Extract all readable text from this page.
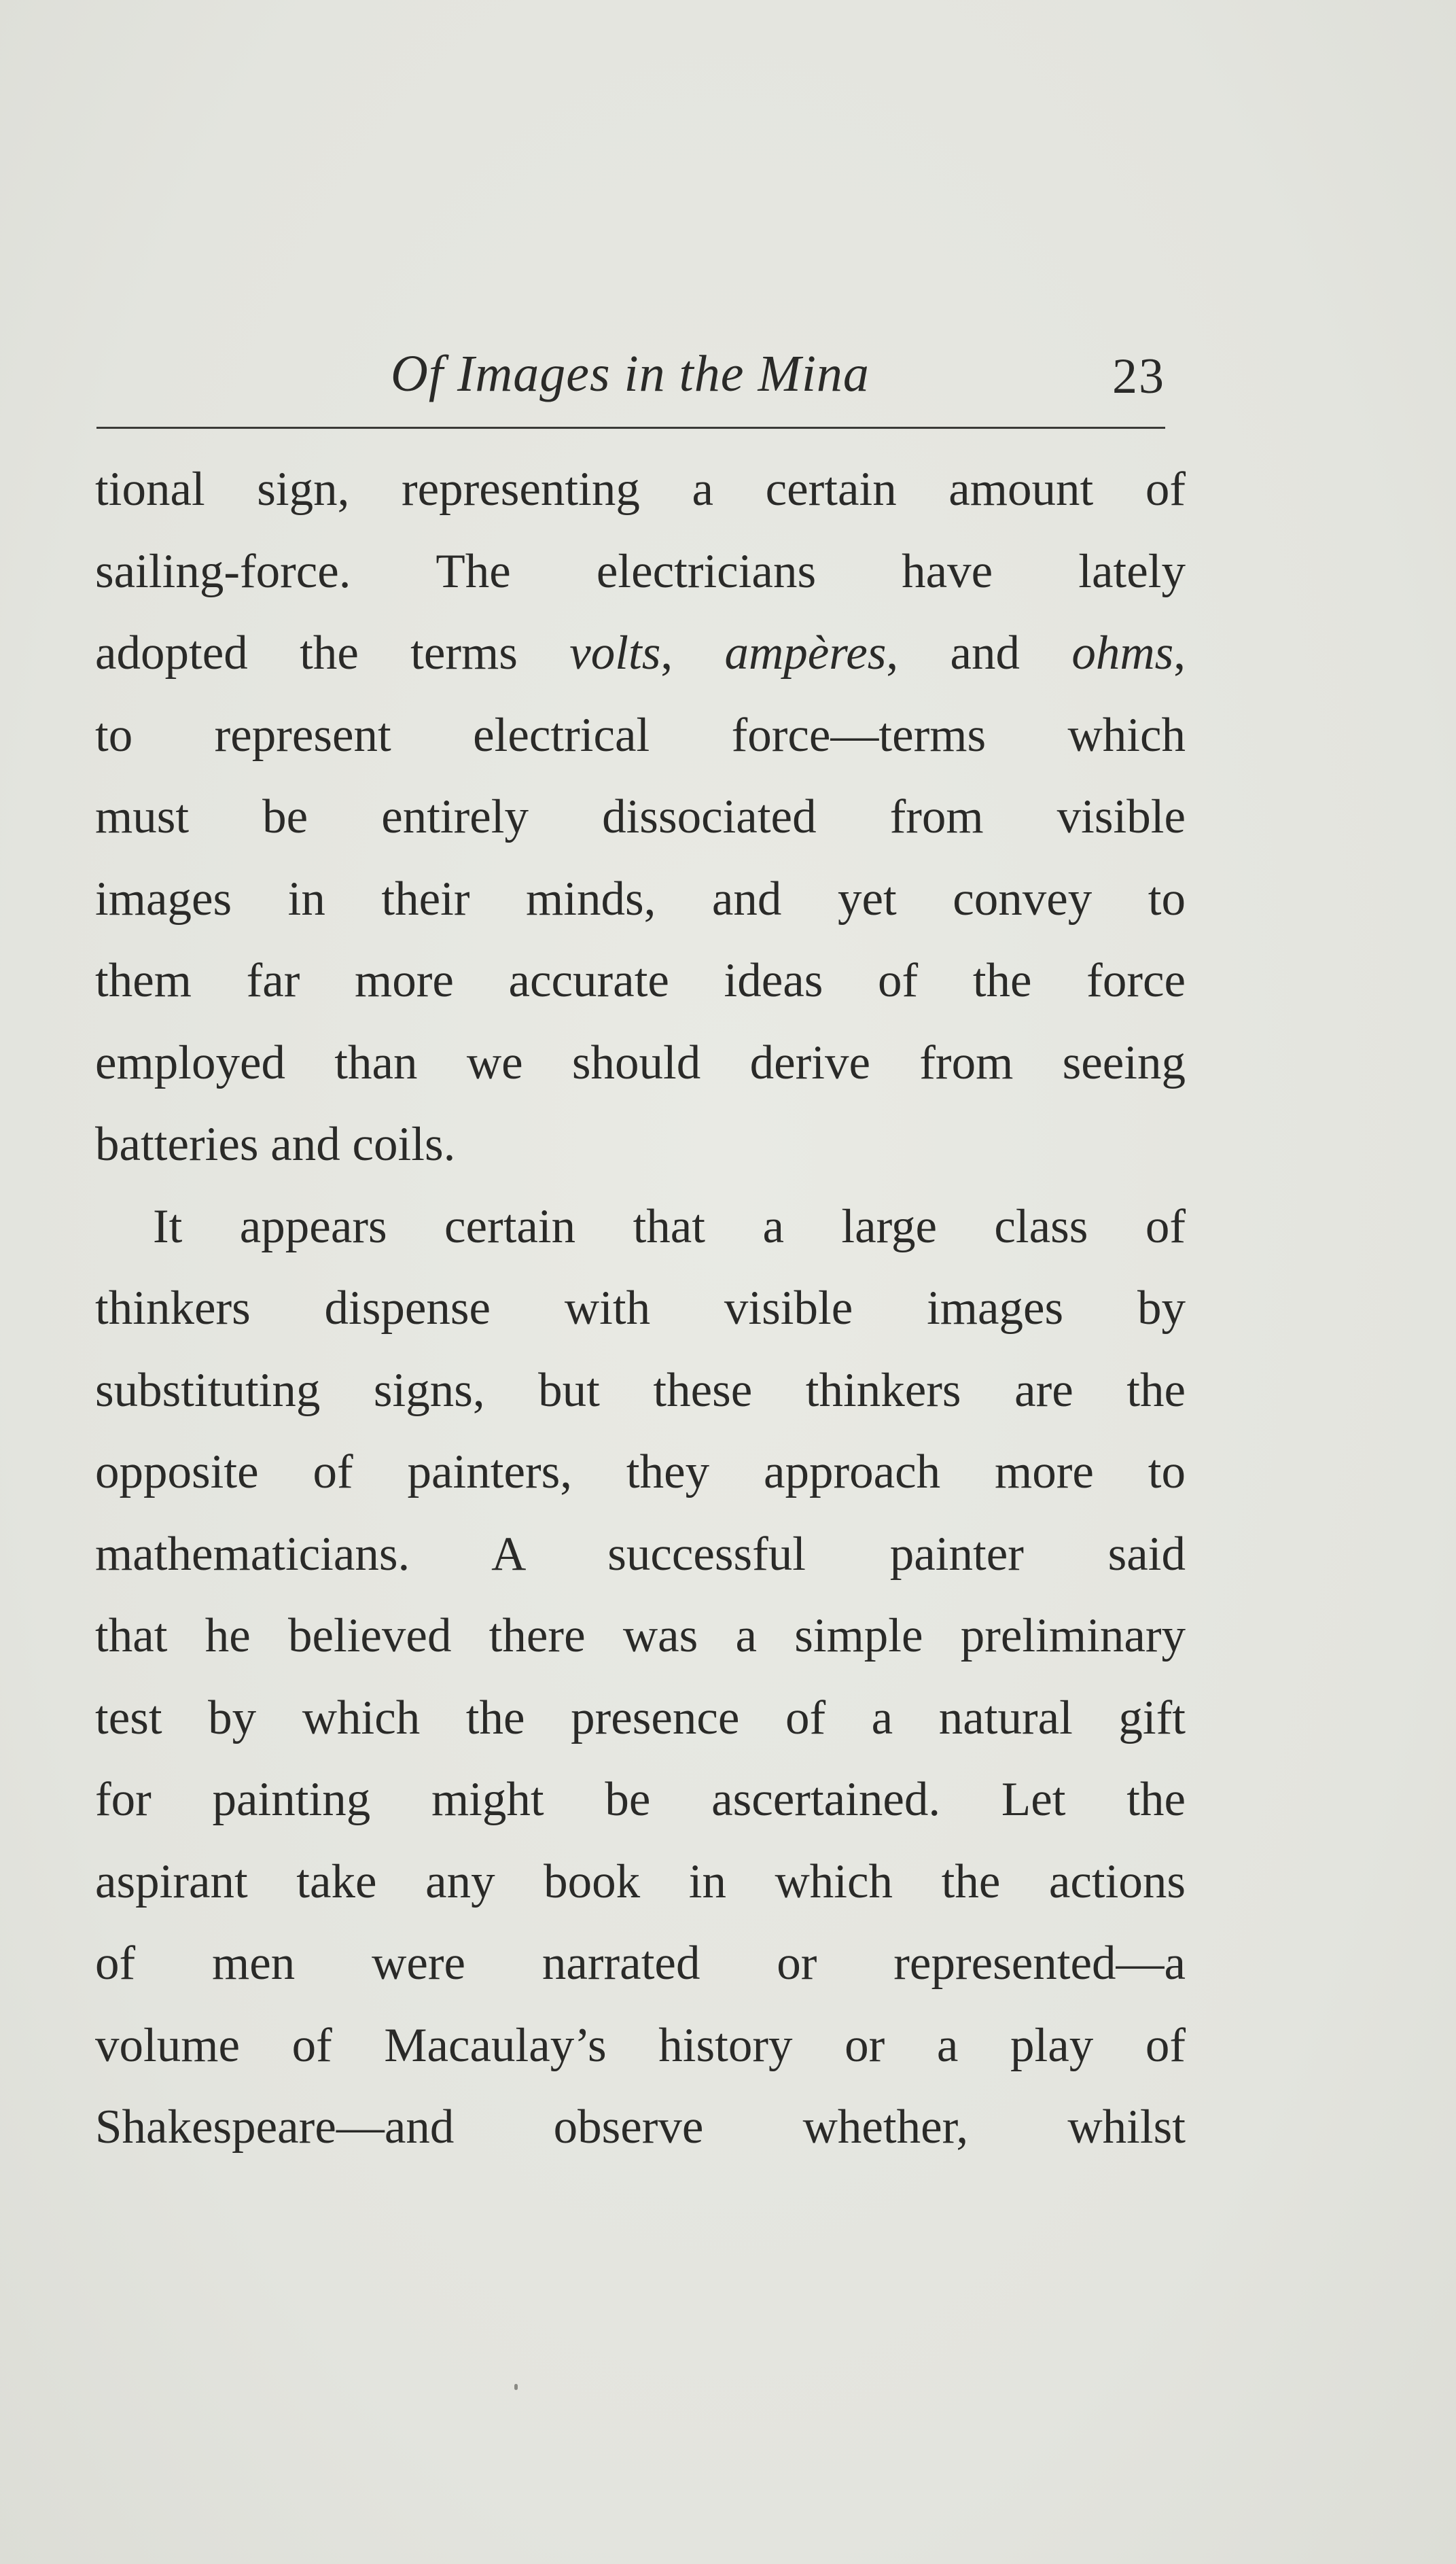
Of Images in the Mina	23
tional sign, representing a certain amount of
sailing-force. The electricians have lately
adopted the terms volts, ampères, and ohms,
to represent electrical force—terms which
must be entirely dissociated from visible
images in their minds, and yet convey to
them far more accurate ideas of the force
employed than we should derive from seeing
batteries and coils.
It appears certain that a large class of
thinkers dispense with visible images by
substituting signs, but these thinkers are the
opposite of painters, they approach more to
mathematicians. A successful painter said
that he believed there was a simple preliminary
test by which the presence of a natural gift
for painting might be ascertained. Let the
aspirant take any book in which the actions
of men were narrated or represented—a
volume of Macaulay’s history or a play of
Shakespeare—and observe whether, whilst
